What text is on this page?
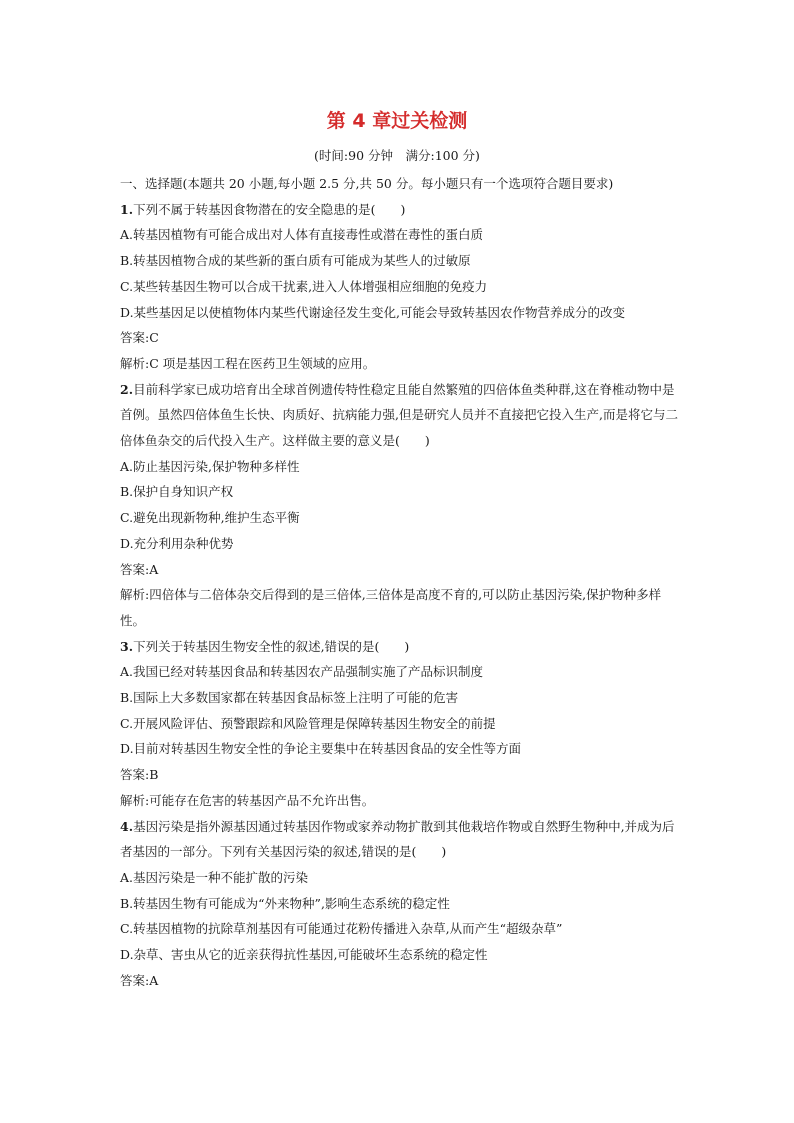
第 4 章过关检测
(时间:90 分钟　满分:100 分)
一、选择题(本题共 20 小题,每小题 2.5 分,共 50 分。每小题只有一个选项符合题目要求)
1.下列不属于转基因食物潜在的安全隐患的是(　　)
A.转基因植物有可能合成出对人体有直接毒性或潜在毒性的蛋白质
B.转基因植物合成的某些新的蛋白质有可能成为某些人的过敏原
C.某些转基因生物可以合成干扰素,进入人体增强相应细胞的免疫力
D.某些基因足以使植物体内某些代谢途径发生变化,可能会导致转基因农作物营养成分的改变
答案:C
解析:C 项是基因工程在医药卫生领域的应用。
2.目前科学家已成功培育出全球首例遗传特性稳定且能自然繁殖的四倍体鱼类种群,这在脊椎动物中是首例。虽然四倍体鱼生长快、肉质好、抗病能力强,但是研究人员并不直接把它投入生产,而是将它与二倍体鱼杂交的后代投入生产。这样做主要的意义是(　　)
A.防止基因污染,保护物种多样性
B.保护自身知识产权
C.避免出现新物种,维护生态平衡
D.充分利用杂种优势
答案:A
解析:四倍体与二倍体杂交后得到的是三倍体,三倍体是高度不育的,可以防止基因污染,保护物种多样性。
3.下列关于转基因生物安全性的叙述,错误的是(　　)
A.我国已经对转基因食品和转基因农产品强制实施了产品标识制度
B.国际上大多数国家都在转基因食品标签上注明了可能的危害
C.开展风险评估、预警跟踪和风险管理是保障转基因生物安全的前提
D.目前对转基因生物安全性的争论主要集中在转基因食品的安全性等方面
答案:B
解析:可能存在危害的转基因产品不允许出售。
4.基因污染是指外源基因通过转基因作物或家养动物扩散到其他栽培作物或自然野生物种中,并成为后者基因的一部分。下列有关基因污染的叙述,错误的是(　　)
A.基因污染是一种不能扩散的污染
B.转基因生物有可能成为“外来物种”,影响生态系统的稳定性
C.转基因植物的抗除草剂基因有可能通过花粉传播进入杂草,从而产生“超级杂草”
D.杂草、害虫从它的近亲获得抗性基因,可能破坏生态系统的稳定性
答案:A
